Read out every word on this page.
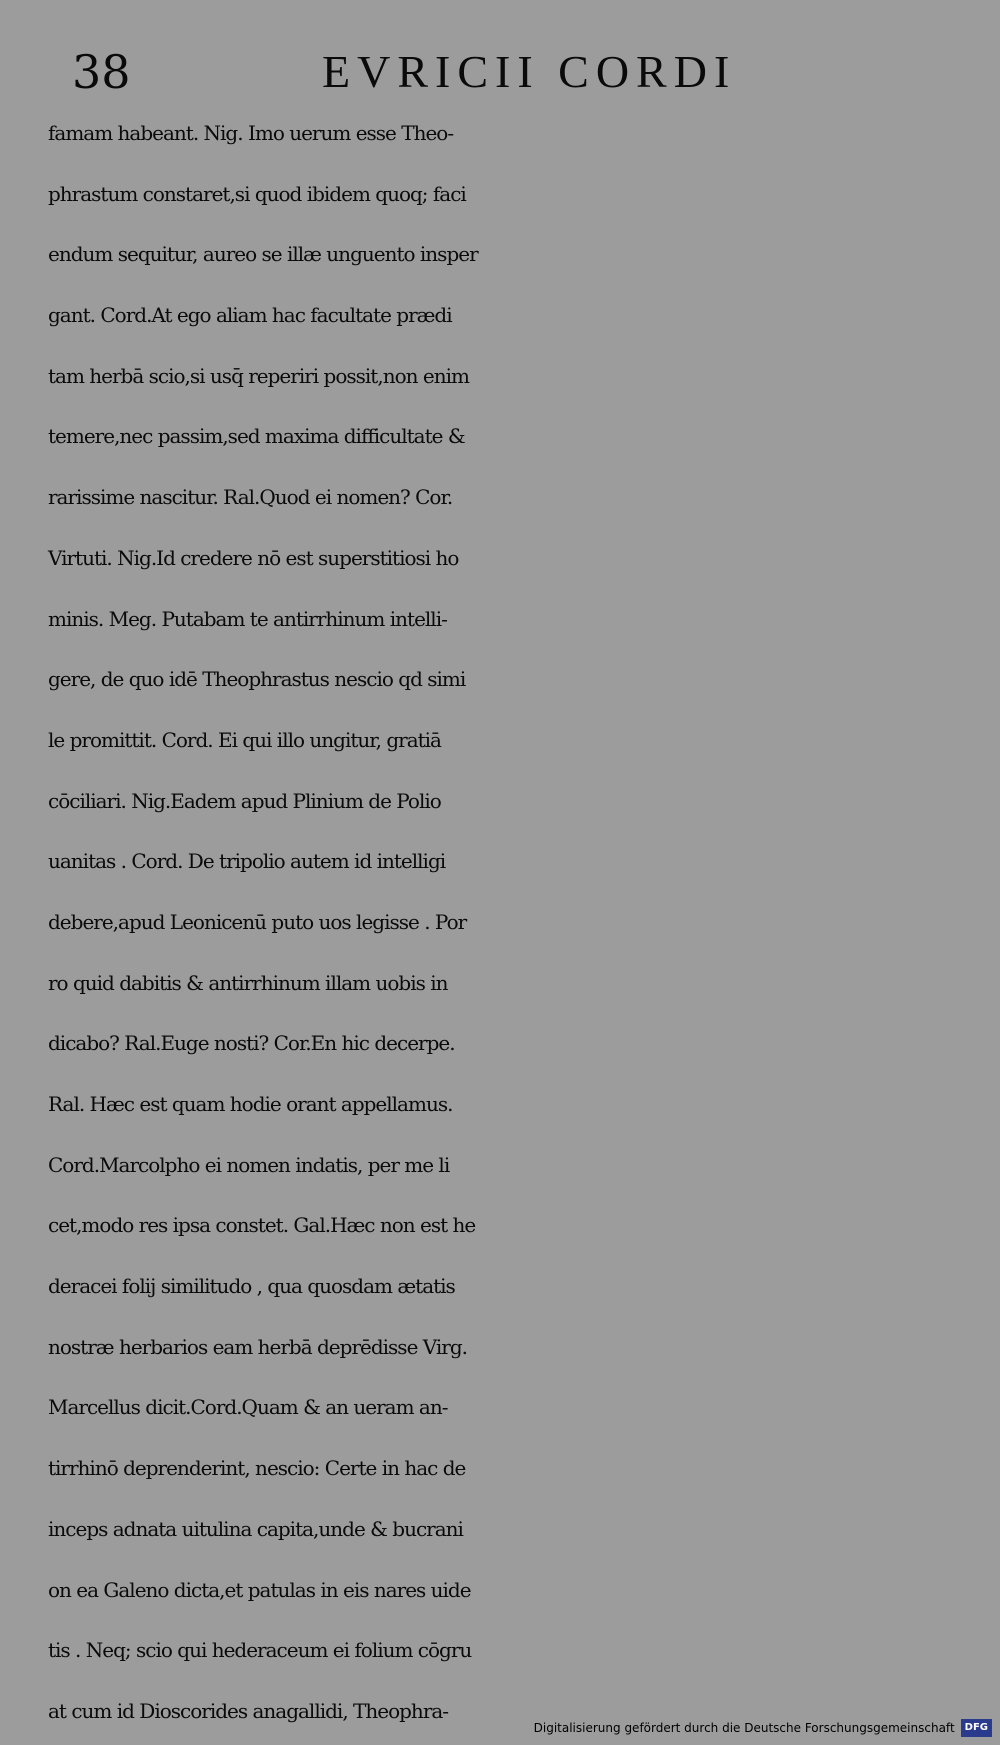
38	EVRICII CORDI
famam habeant. Nig. Imo uerum esse Theo-
phrastum constaret,si quod ibidem quoq; faci
endum sequitur, aureo se illæ unguento insper
gant. Cord.At ego aliam hac facultate prædi
tam herbā scio,si usq̄ reperiri possit,non enim
temere,nec passim,sed maxima difficultate &
rarissime nascitur. Ral.Quod ei nomen? Cor.
Virtuti. Nig.Id credere nō est superstitiosi ho
minis. Meg. Putabam te antirrhinum intelli-
gere, de quo idē Theophrastus nescio qd simi
le promittit. Cord. Ei qui illo ungitur, gratiā
cōciliari. Nig.Eadem apud Plinium de Polio
uanitas . Cord. De tripolio autem id intelligi
debere,apud Leonicenū puto uos legisse . Por
ro quid dabitis & antirrhinum illam uobis in
dicabo? Ral.Euge nosti? Cor.En hic decerpe.
Ral. Hæc est quam hodie orant appellamus.
Cord.Marcolpho ei nomen indatis, per me li
cet,modo res ipsa constet. Gal.Hæc non est he
deracei folij similitudo , qua quosdam ætatis
nostræ herbarios eam herbā deprēdisse Virg.
Marcellus dicit.Cord.Quam & an ueram an-
tirrhinō deprenderint, nescio: Certe in hac de
inceps adnata uitulina capita,unde & bucrani
on ea Galeno dicta,et patulas in eis nares uide
tis . Neq; scio qui hederaceum ei folium cōgru
at cum id Dioscorides anagallidi, Theophra-
Digitalisierung gefördert durch die Deutsche Forschungsgemeinschaft	DFG
